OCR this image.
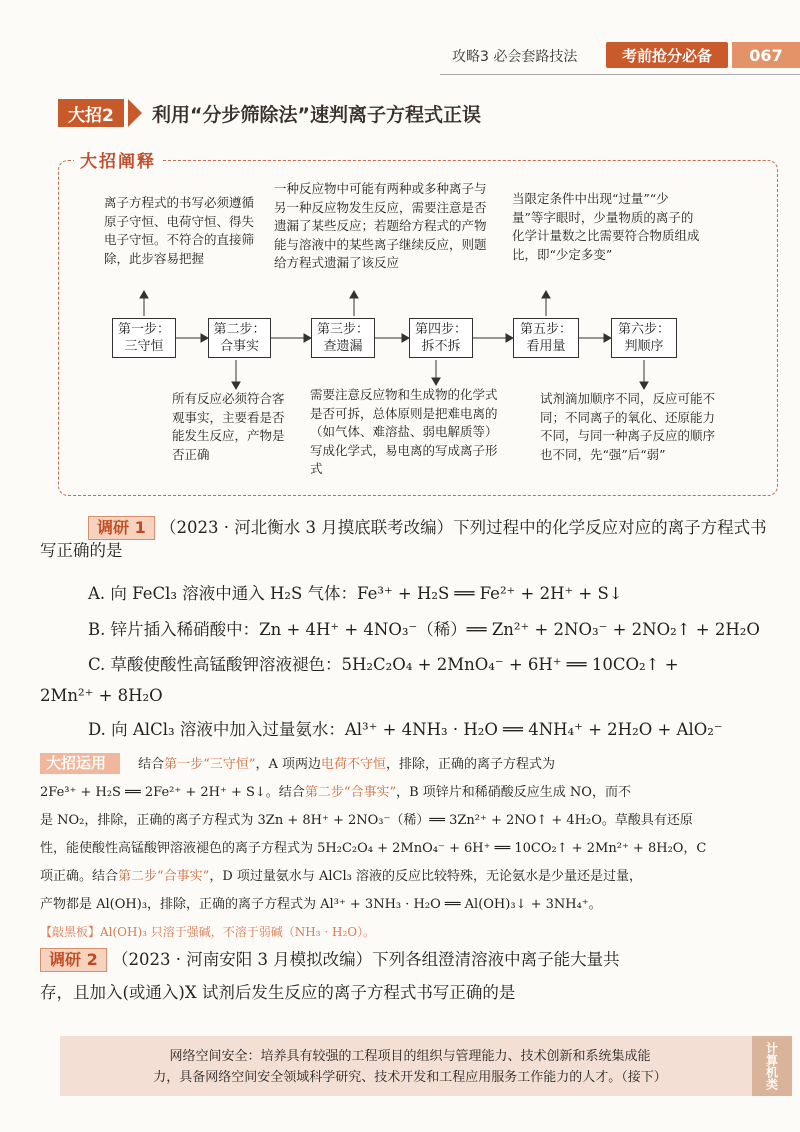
攻略3 必会套路技法	考前抢分必备	067
大招2	利用“分步筛除法”速判离子方程式正误
大招阐释
离子方程式的书写必须遵循原子守恒、电荷守恒、得失电子守恒。不符合的直接筛除，此步容易把握
一种反应物中可能有两种或多种离子与另一种反应物发生反应，需要注意是否遗漏了某些反应；若题给方程式的产物能与溶液中的某些离子继续反应，则题给方程式遗漏了该反应
当限定条件中出现“过量”“少量”等字眼时，少量物质的离子的化学计量数之比需要符合物质组成比，即“少定多变”
第一步：三守恒
第二步：合事实
第三步：查遗漏
第四步：拆不拆
第五步：看用量
第六步：判顺序
所有反应必须符合客观事实，主要看是否能发生反应，产物是否正确
需要注意反应物和生成物的化学式是否可拆，总体原则是把难电离的（如气体、难溶盐、弱电解质等）写成化学式，易电离的写成离子形式
试剂滴加顺序不同，反应可能不同；不同离子的氧化、还原能力不同，与同一种离子反应的顺序也不同，先“强”后“弱”
调研 1 （2023 · 河北衡水 3 月摸底联考改编）下列过程中的化学反应对应的离子方程式书写正确的是
A. 向 FeCl₃ 溶液中通入 H₂S 气体：Fe³⁺ + H₂S ══ Fe²⁺ + 2H⁺ + S↓
B. 锌片插入稀硝酸中：Zn + 4H⁺ + 4NO₃⁻（稀）══ Zn²⁺ + 2NO₃⁻ + 2NO₂↑ + 2H₂O
C. 草酸使酸性高锰酸钾溶液褪色：5H₂C₂O₄ + 2MnO₄⁻ + 6H⁺ ══ 10CO₂↑ +
2Mn²⁺ + 8H₂O
D. 向 AlCl₃ 溶液中加入过量氨水：Al³⁺ + 4NH₃ · H₂O ══ 4NH₄⁺ + 2H₂O + AlO₂⁻
大招运用 结合第一步“三守恒”，A 项两边电荷不守恒，排除，正确的离子方程式为
2Fe³⁺ + H₂S ══ 2Fe²⁺ + 2H⁺ + S↓。结合第二步“合事实”，B 项锌片和稀硝酸反应生成 NO，而不
是 NO₂，排除，正确的离子方程式为 3Zn + 8H⁺ + 2NO₃⁻（稀）══ 3Zn²⁺ + 2NO↑ + 4H₂O。草酸具有还原
性，能使酸性高锰酸钾溶液褪色的离子方程式为 5H₂C₂O₄ + 2MnO₄⁻ + 6H⁺ ══ 10CO₂↑ + 2Mn²⁺ + 8H₂O，C
项正确。结合第二步“合事实”，D 项过量氨水与 AlCl₃ 溶液的反应比较特殊，无论氨水是少量还是过量，
产物都是 Al(OH)₃，排除，正确的离子方程式为 Al³⁺ + 3NH₃ · H₂O ══ Al(OH)₃↓ + 3NH₄⁺。
【敲黑板】Al(OH)₃ 只溶于强碱，不溶于弱碱（NH₃ · H₂O）。
调研 2 （2023 · 河南安阳 3 月模拟改编）下列各组澄清溶液中离子能大量共
存，且加入(或通入)X 试剂后发生反应的离子方程式书写正确的是
网络空间安全：培养具有较强的工程项目的组织与管理能力、技术创新和系统集成能
力，具备网络空间安全领域科学研究、技术开发和工程应用服务工作能力的人才。（接下）	计算机类
